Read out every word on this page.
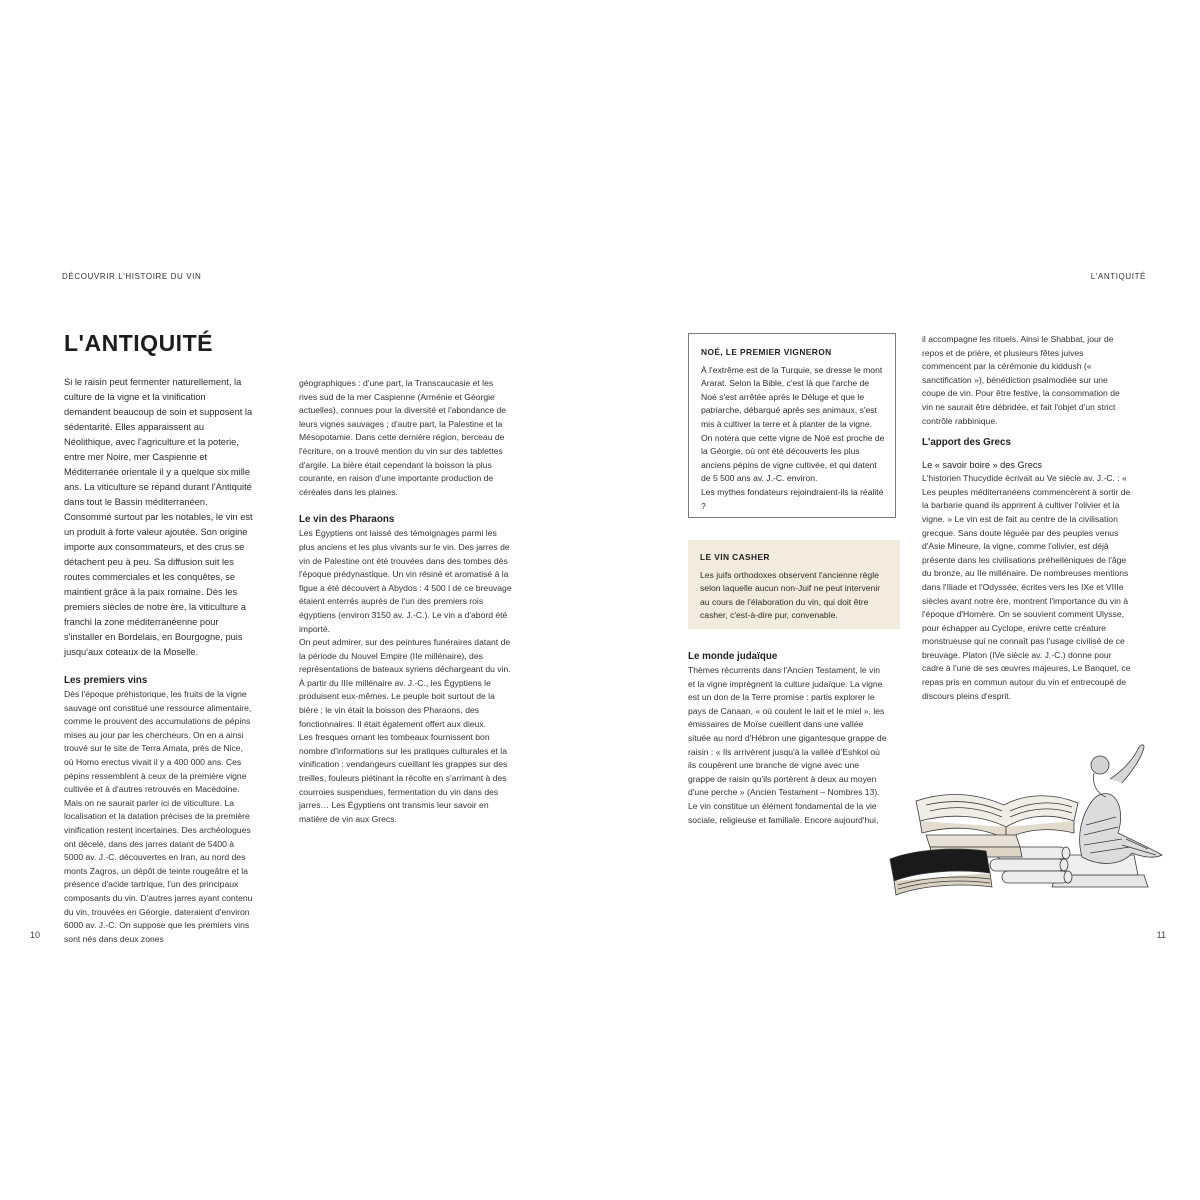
DÉCOUVRIR L'HISTOIRE DU VIN	L'ANTIQUITÉ
L'ANTIQUITÉ

Si le raisin peut fermenter naturellement, la culture de la vigne et la vinification demandent beaucoup de soin et supposent la sédentarité. Elles apparaissent au Néolithique, avec l'agriculture et la poterie, entre mer Noire, mer Caspienne et Méditerranée orientale il y a quelque six mille ans. La viticulture se répand durant l'Antiquité dans tout le Bassin méditerranéen. Consommé surtout par les notables, le vin est un produit à forte valeur ajoutée. Son origine importe aux consommateurs, et des crus se détachent peu à peu. Sa diffusion suit les routes commerciales et les conquêtes, se maintient grâce à la paix romaine. Dès les premiers siècles de notre ère, la viticulture a franchi la zone méditerranéenne pour s'installer en Bordelais, en Bourgogne, puis jusqu'aux coteaux de la Moselle.

Les premiers vins

Dès l'époque préhistorique, les fruits de la vigne sauvage ont constitué une ressource alimentaire, comme le prouvent des accumulations de pépins mises au jour par les chercheurs. On en a ainsi trouvé sur le site de Terra Amata, près de Nice, où Homo erectus vivait il y a 400 000 ans. Ces pépins ressemblent à ceux de la première vigne cultivée et à d'autres retrouvés en Macédoine. Mais on ne saurait parler ici de viticulture. La localisation et la datation précises de la première vinification restent incertaines. Des archéologues ont décelé, dans des jarres datant de 5400 à 5000 av. J.-C. découvertes en Iran, au nord des monts Zagros, un dépôt de teinte rougeâtre et la présence d'acide tartrique, l'un des principaux composants du vin. D'autres jarres ayant contenu du vin, trouvées en Géorgie, dateraient d'environ 6000 av. J.-C. On suppose que les premiers vins sont nés dans deux zones

géographiques : d'une part, la Transcaucasie et les rives sud de la mer Caspienne (Arménie et Géorgie actuelles), connues pour la diversité et l'abondance de leurs vignes sauvages ; d'autre part, la Palestine et la Mésopotamie. Dans cette dernière région, berceau de l'écriture, on a trouvé mention du vin sur des tablettes d'argile. La bière était cependant la boisson la plus courante, en raison d'une importante production de céréales dans les plaines.

Le vin des Pharaons

Les Égyptiens ont laissé des témoignages parmi les plus anciens et les plus vivants sur le vin. Des jarres de vin de Palestine ont été trouvées dans des tombes dès l'époque prédynastique. Un vin résiné et aromatisé à la figue a été découvert à Abydos : 4 500 l de ce breuvage étaient enterrés auprès de l'un des premiers rois égyptiens (environ 3150 av. J.-C.). Le vin a d'abord été importé.

On peut admirer, sur des peintures funéraires datant de la période du Nouvel Empire (IIe millénaire), des représentations de bateaux syriens déchargeant du vin. À partir du IIIe millénaire av. J.-C., les Égyptiens le produisent eux-mêmes. Le peuple boit surtout de la bière ; le vin était la boisson des Pharaons, des fonctionnaires. Il était également offert aux dieux.

Les fresques ornant les tombeaux fournissent bon nombre d'informations sur les pratiques culturales et la vinification : vendangeurs cueillant les grappes sur des treilles, fouleurs piétinant la récolte en s'arrimant à des courroies suspendues, fermentation du vin dans des jarres… Les Égyptiens ont transmis leur savoir en matière de vin aux Grecs.

NOÉ, LE PREMIER VIGNERON

À l'extrême est de la Turquie, se dresse le mont Ararat. Selon la Bible, c'est là que l'arche de Noé s'est arrêtée après le Déluge et que le patriarche, débarqué après ses animaux, s'est mis à cultiver la terre et à planter de la vigne.

On notera que cette vigne de Noé est proche de la Géorgie, où ont été découverts les plus anciens pépins de vigne cultivée, et qui datent de 5 500 ans av. J.-C. environ.

Les mythes fondateurs rejoindraient-ils la réalité ?

LE VIN CASHER

Les juifs orthodoxes observent l'ancienne règle selon laquelle aucun non-Juif ne peut intervenir au cours de l'élaboration du vin, qui doit être casher, c'est-à-dire pur, convenable.

Le monde judaïque

Thèmes récurrents dans l'Ancien Testament, le vin et la vigne imprègnent la culture judaïque. La vigne est un don de la Terre promise : partis explorer le pays de Canaan, « où coulent le lait et le miel », les émissaires de Moïse cueillent dans une vallée située au nord d'Hébron une gigantesque grappe de raisin : « Ils arrivèrent jusqu'à la vallée d'Eshkol où ils coupèrent une branche de vigne avec une grappe de raisin qu'ils portèrent à deux au moyen d'une perche » (Ancien Testament – Nombres 13).

Le vin constitue un élément fondamental de la vie sociale, religieuse et familiale. Encore aujourd'hui,

il accompagne les rituels. Ainsi le Shabbat, jour de repos et de prière, et plusieurs fêtes juives commencent par la cérémonie du kiddush (« sanctification »), bénédiction psalmodiée sur une coupe de vin. Pour être festive, la consommation de vin ne saurait être débridée, et fait l'objet d'un strict contrôle rabbinique.

L'apport des Grecs
Le « savoir boire » des Grecs

L'historien Thucydide écrivait au Ve siècle av. J.-C. : « Les peuples méditerranéens commencèrent à sortir de la barbarie quand ils apprirent à cultiver l'olivier et la vigne. » Le vin est de fait au centre de la civilisation grecque. Sans doute léguée par des peuples venus d'Asie Mineure, la vigne, comme l'olivier, est déjà présente dans les civilisations préhelléniques de l'âge du bronze, au IIe millénaire. De nombreuses mentions dans l'Iliade et l'Odyssée, écrites vers les IXe et VIIIe siècles avant notre ère, montrent l'importance du vin à l'époque d'Homère. On se souvient comment Ulysse, pour échapper au Cyclope, enivre cette créature monstrueuse qui ne connaît pas l'usage civilisé de ce breuvage. Platon (IVe siècle av. J.-C.) donne pour cadre à l'une de ses œuvres majeures, Le Banquet, ce repas pris en commun autour du vin et entrecoupé de discours pleins d'esprit.

10	11
